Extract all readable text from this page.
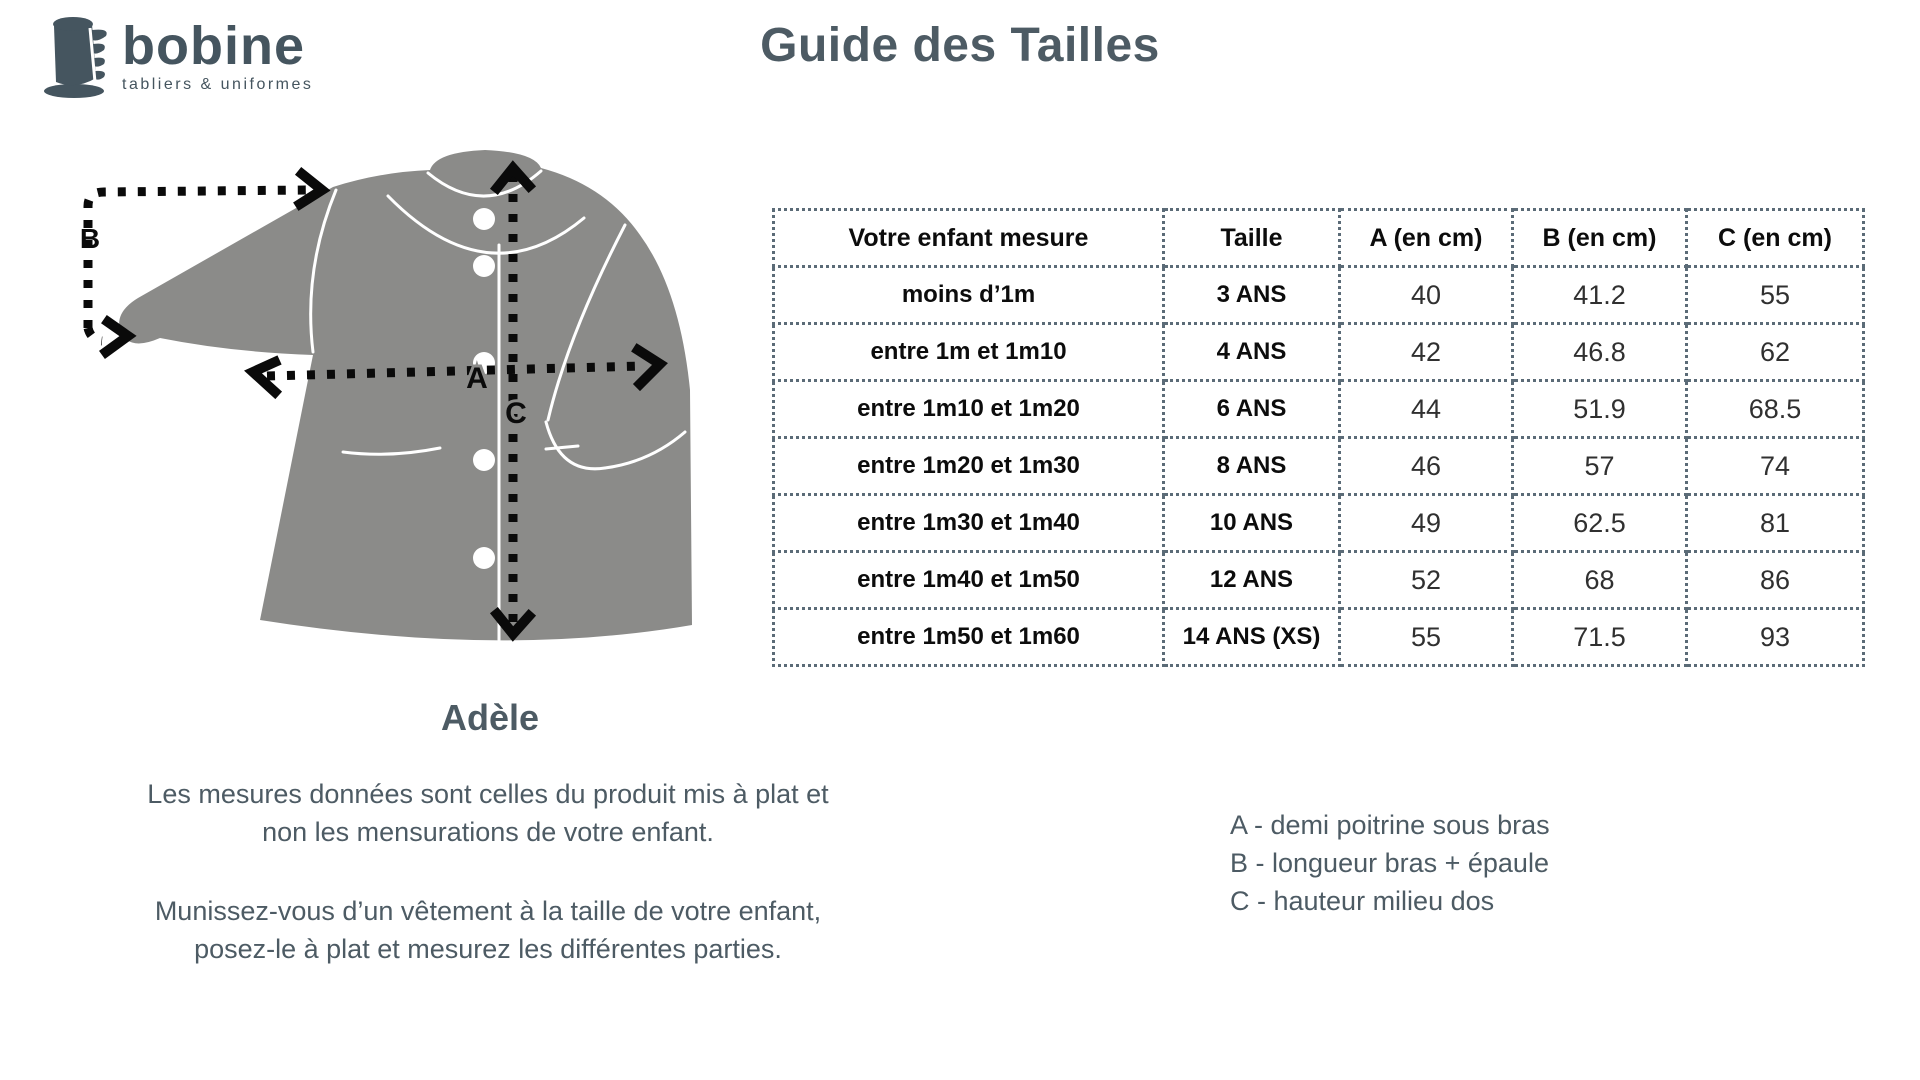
bobine
tabliers & uniformes
Guide des Tailles
B
A
C
Adèle
Les mesures données sont celles du produit mis à plat et
non les mensurations de votre enfant.
Munissez-vous d’un vêtement à la taille de votre enfant,
posez-le à plat et mesurez les différentes parties.
A - demi poitrine sous bras
B - longueur bras + épaule
C - hauteur milieu dos
Votre enfant mesure	Taille	A (en cm)	B (en cm)	C (en cm)
moins d’1m	3 ANS	40	41.2	55
entre 1m et 1m10	4 ANS	42	46.8	62
entre 1m10 et 1m20	6 ANS	44	51.9	68.5
entre 1m20 et 1m30	8 ANS	46	57	74
entre 1m30 et 1m40	10 ANS	49	62.5	81
entre 1m40 et 1m50	12 ANS	52	68	86
entre 1m50 et 1m60	14 ANS (XS)	55	71.5	93
